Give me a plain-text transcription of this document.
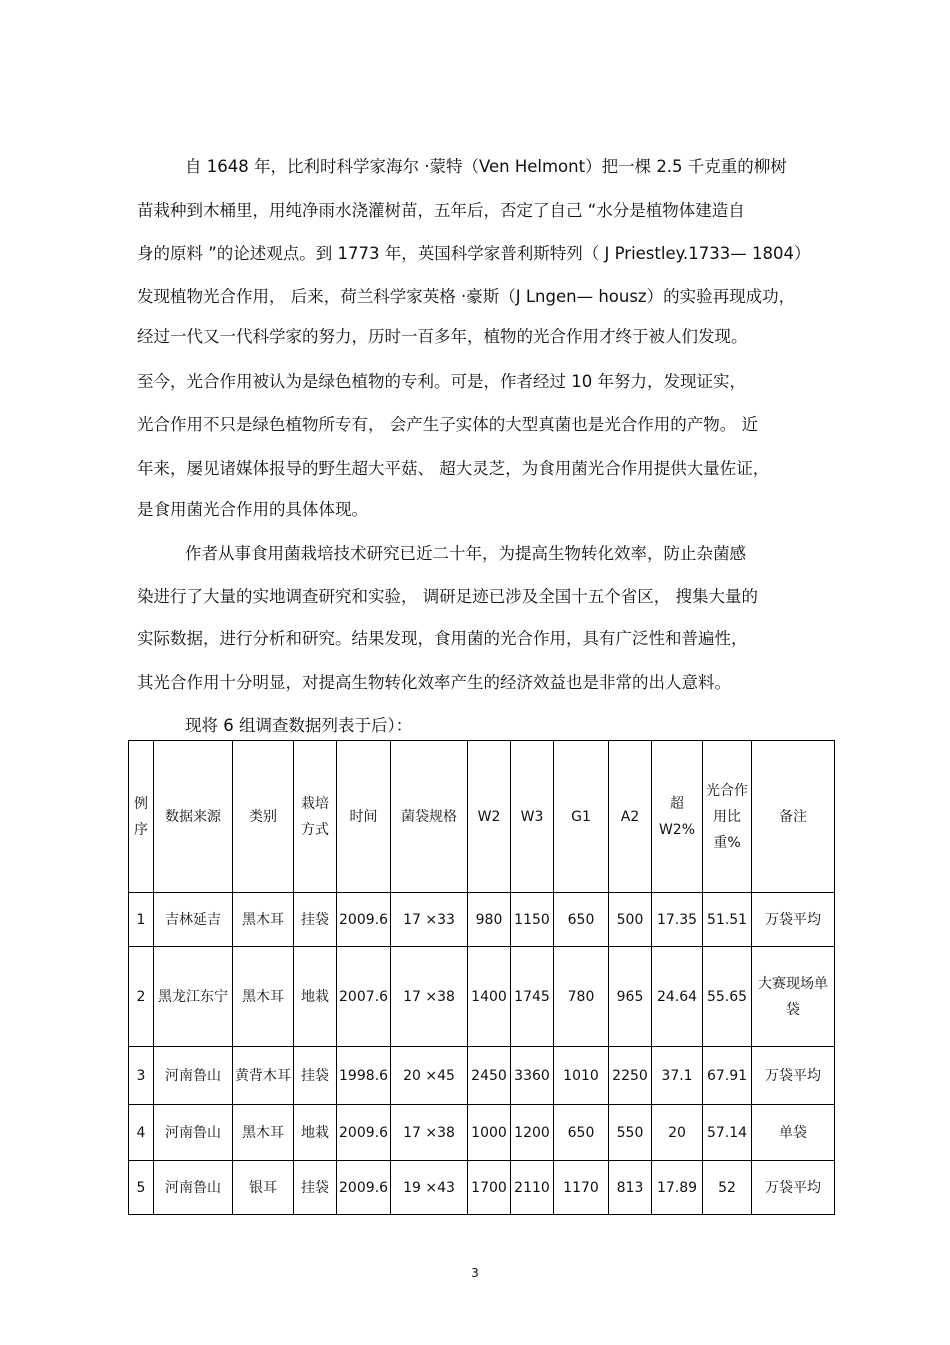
自 1648 年，比利时科学家海尔 ·蒙特（Ven Helmont）把一棵 2.5 千克重的柳树
苗栽种到木桶里，用纯净雨水浇灌树苗，五年后，否定了自己 “水分是植物体建造自
身的原料 ”的论述观点。到 1773 年，英国科学家普利斯特列（ J Priestley.1733— 1804）
发现植物光合作用， 后来，荷兰科学家英格 ·豪斯（J Lngen— housz）的实验再现成功，
经过一代又一代科学家的努力，历时一百多年，植物的光合作用才终于被人们发现。
至今，光合作用被认为是绿色植物的专利。可是，作者经过 10 年努力，发现证实，
光合作用不只是绿色植物所专有， 会产生子实体的大型真菌也是光合作用的产物。 近
年来，屡见诸媒体报导的野生超大平菇、 超大灵芝，为食用菌光合作用提供大量佐证，
是食用菌光合作用的具体体现。
作者从事食用菌栽培技术研究已近二十年，为提高生物转化效率，防止杂菌感
染进行了大量的实地调查研究和实验， 调研足迹已涉及全国十五个省区， 搜集大量的
实际数据，进行分析和研究。结果发现，食用菌的光合作用，具有广泛性和普遍性，
其光合作用十分明显，对提高生物转化效率产生的经济效益也是非常的出人意料。
现将 6 组调查数据列表于后）：
例序	数据来源	类别	栽培方式	时间	菌袋规格	W2	W3	G1	A2	超W2%	光合作用比重%	备注
1	吉林延吉	黑木耳	挂袋	2009.6	17 ×33	980	1150	650	500	17.35	51.51	万袋平均
2	黑龙江东宁	黑木耳	地栽	2007.6	17 ×38	1400	1745	780	965	24.64	55.65	大赛现场单袋
3	河南鲁山	黄背木耳	挂袋	1998.6	20 ×45	2450	3360	1010	2250	37.1	67.91	万袋平均
4	河南鲁山	黑木耳	地栽	2009.6	17 ×38	1000	1200	650	550	20	57.14	单袋
5	河南鲁山	银耳	挂袋	2009.6	19 ×43	1700	2110	1170	813	17.89	52	万袋平均
3
